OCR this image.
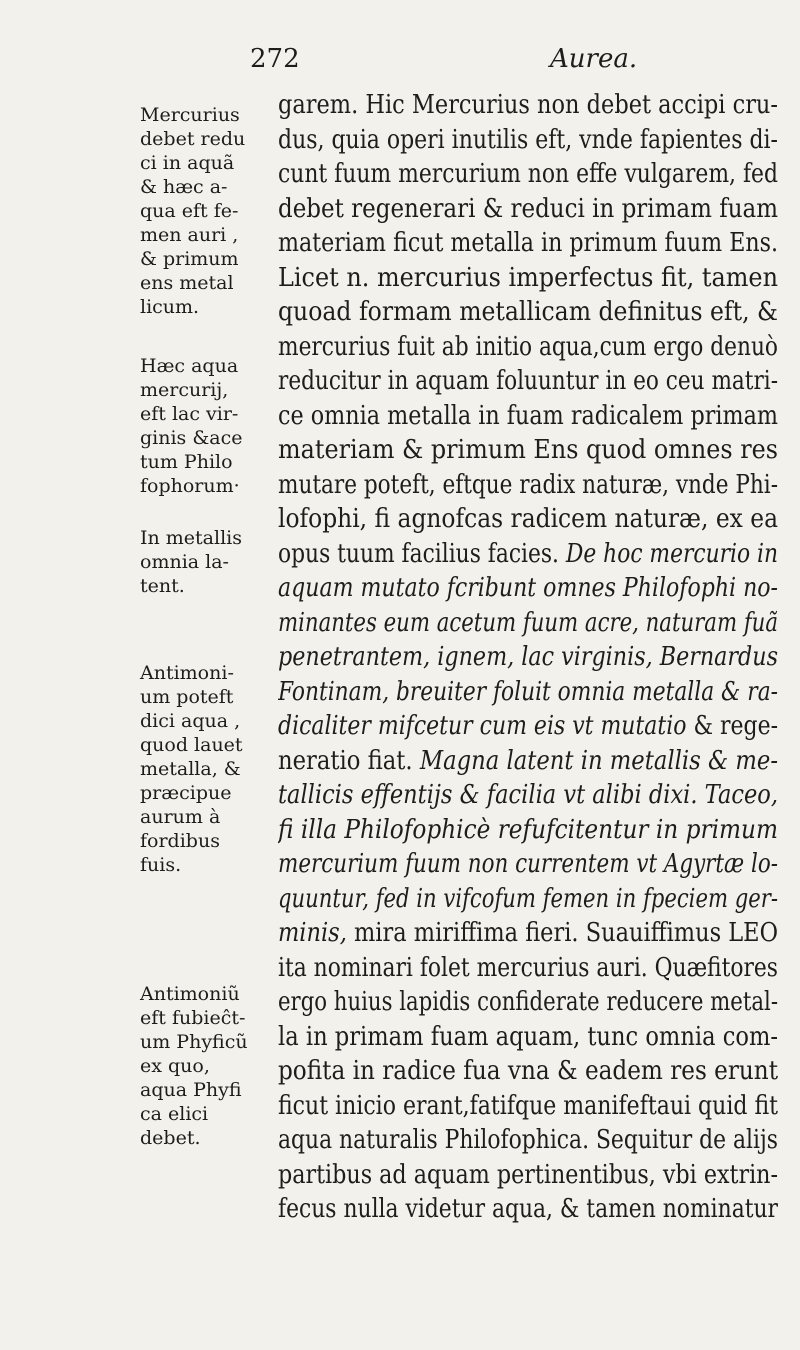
272	Aurea.
Mercurius
debet redu
ci in aquã
& hæc a-
qua eft fe-
men auri ,
& primum
ens metal
licum.
Hæc aqua
mercurij,
eft lac vir-
ginis &ace
tum Philo
fophorum·
In metallis
omnia la-
tent.
Antimoni-
um poteft
dici aqua ,
quod lauet
metalla, &
præcipue
aurum à
fordibus
fuis.
Antimoniũ
eft fubieĉt-
um Phyficũ
ex quo,
aqua Phyfi
ca elici
debet.
garem. Hic Mercurius non debet accipi cru-
dus, quia operi inutilis eft, vnde fapientes di-
cunt fuum mercurium non effe vulgarem, fed
debet regenerari & reduci in primam fuam
materiam ficut metalla in primum fuum Ens.
Licet n. mercurius imperfectus fit, tamen
quoad formam metallicam definitus eft, &
mercurius fuit ab initio aqua,cum ergo denuò
reducitur in aquam foluuntur in eo ceu matri-
ce omnia metalla in fuam radicalem primam
materiam & primum Ens quod omnes res
mutare poteft, eftque radix naturæ, vnde Phi-
lofophi, fi agnofcas radicem naturæ, ex ea
opus tuum facilius facies. De hoc mercurio in
aquam mutato fcribunt omnes Philofophi no-
minantes eum acetum fuum acre, naturam fuã
penetrantem, ignem, lac virginis, Bernardus
Fontinam, breuiter foluit omnia metalla & ra-
dicaliter mifcetur cum eis vt mutatio & rege-
neratio fiat. Magna latent in metallis & me-
tallicis effentijs & facilia vt alibi dixi. Taceo,
fi illa Philofophicè refufcitentur in primum
mercurium fuum non currentem vt Agyrtæ lo-
quuntur, fed in vifcofum femen in fpeciem ger-
minis, mira miriffima fieri. Suauiffimus LEO
ita nominari folet mercurius auri. Quæfitores
ergo huius lapidis confiderate reducere metal-
la in primam fuam aquam, tunc omnia com-
pofita in radice fua vna & eadem res erunt
ficut inicio erant,fatifque manifeftaui quid fit
aqua naturalis Philofophica. Sequitur de alijs
partibus ad aquam pertinentibus, vbi extrin-
fecus nulla videtur aqua, & tamen nominatur
